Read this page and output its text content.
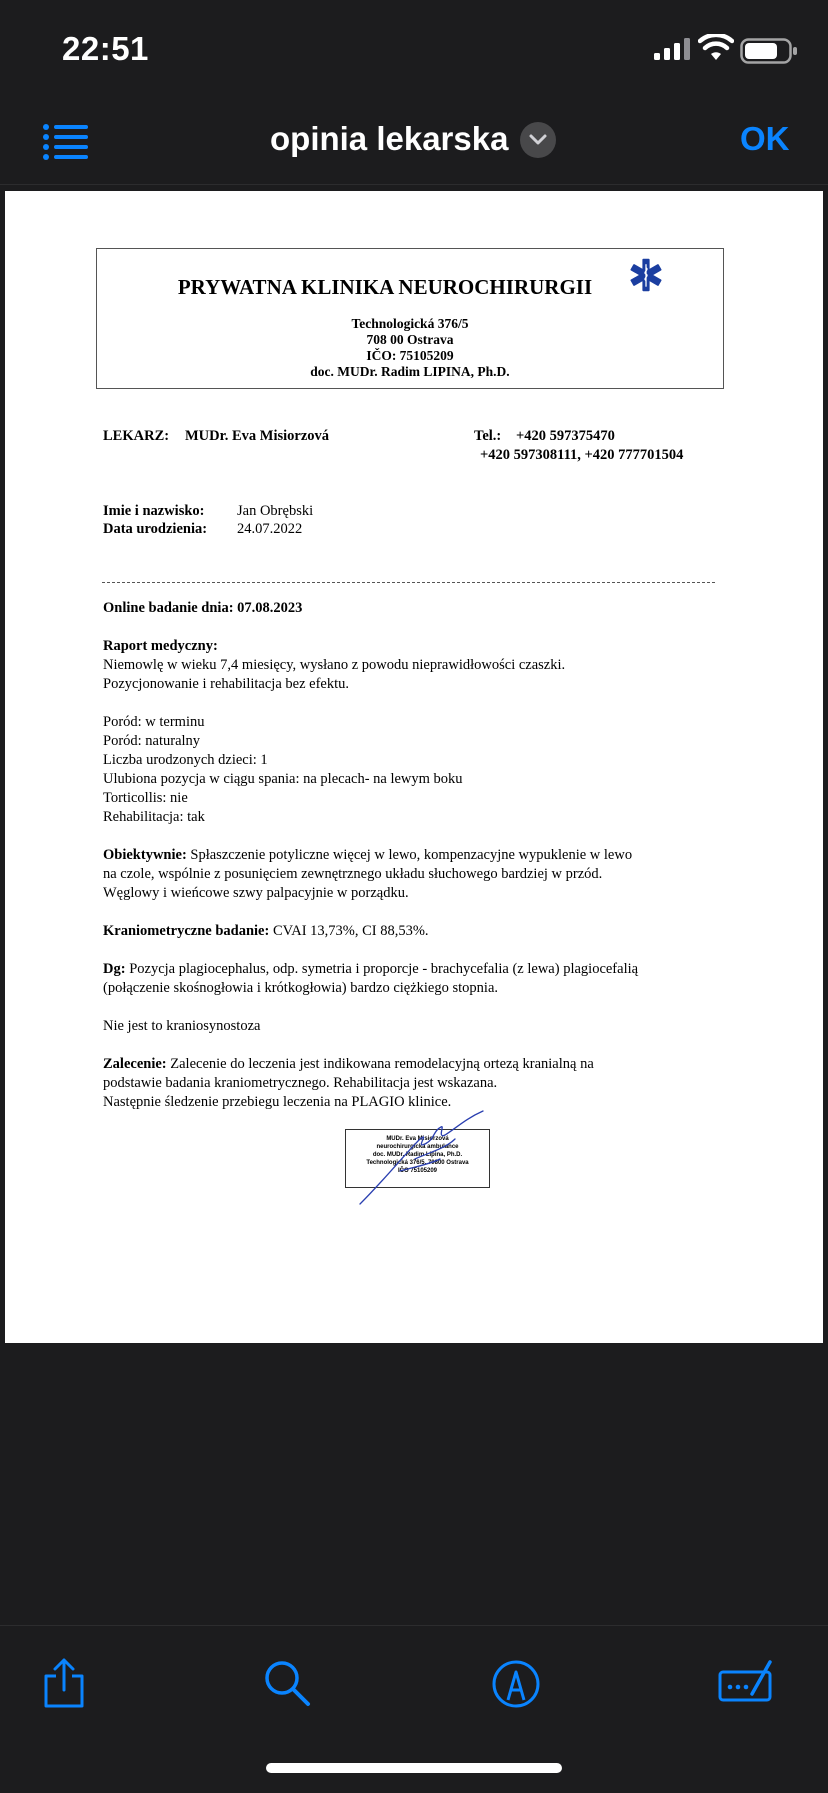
22:51
opinia lekarska	OK
PRYWATNA KLINIKA NEUROCHIRURGII
Technologická 376/5
708 00 Ostrava
IČO: 75105209
doc. MUDr. Radim LIPINA, Ph.D.
LEKARZ: MUDr. Eva Misiorzová	Tel.: +420 597375470
+420 597308111, +420 777701504
Imie i nazwisko: Jan Obrębski
Data urodzienia: 24.07.2022
Online badanie dnia: 07.08.2023
Raport medyczny:
Niemowlę w wieku 7,4 miesięcy, wysłano z powodu nieprawidłowości czaszki.
Pozycjonowanie i rehabilitacja bez efektu.
Poród: w terminu
Poród: naturalny
Liczba urodzonych dzieci: 1
Ulubiona pozycja w ciągu spania: na plecach- na lewym boku
Torticollis: nie
Rehabilitacja: tak
Obiektywnie: Spłaszczenie potyliczne więcej w lewo, kompenzacyjne wypuklenie w lewo
na czole, wspólnie z posunięciem zewnętrznego układu słuchowego bardziej w przód.
Węglowy i wieńcowe szwy palpacyjnie w porządku.
Kraniometryczne badanie: CVAI 13,73%, CI 88,53%.
Dg: Pozycja plagiocephalus, odp. symetria i proporcje - brachycefalia (z lewa) plagiocefalią
(połączenie skośnogłowia i krótkogłowia) bardzo ciężkiego stopnia.
Nie jest to kraniosynostoza
Zalecenie: Zalecenie do leczenia jest indikowana remodelacyjną ortezą kranialną na
podstawie badania kraniometrycznego. Rehabilitacja jest wskazana.
Następnie śledzenie przebiegu leczenia na PLAGIO klinice.
MUDr. Eva Misiorzová
neurochirurgická ambulance
doc. MUDr. Radim Lipina, Ph.D.
Technologická 376/5, 70800 Ostrava
IČO 75105209
